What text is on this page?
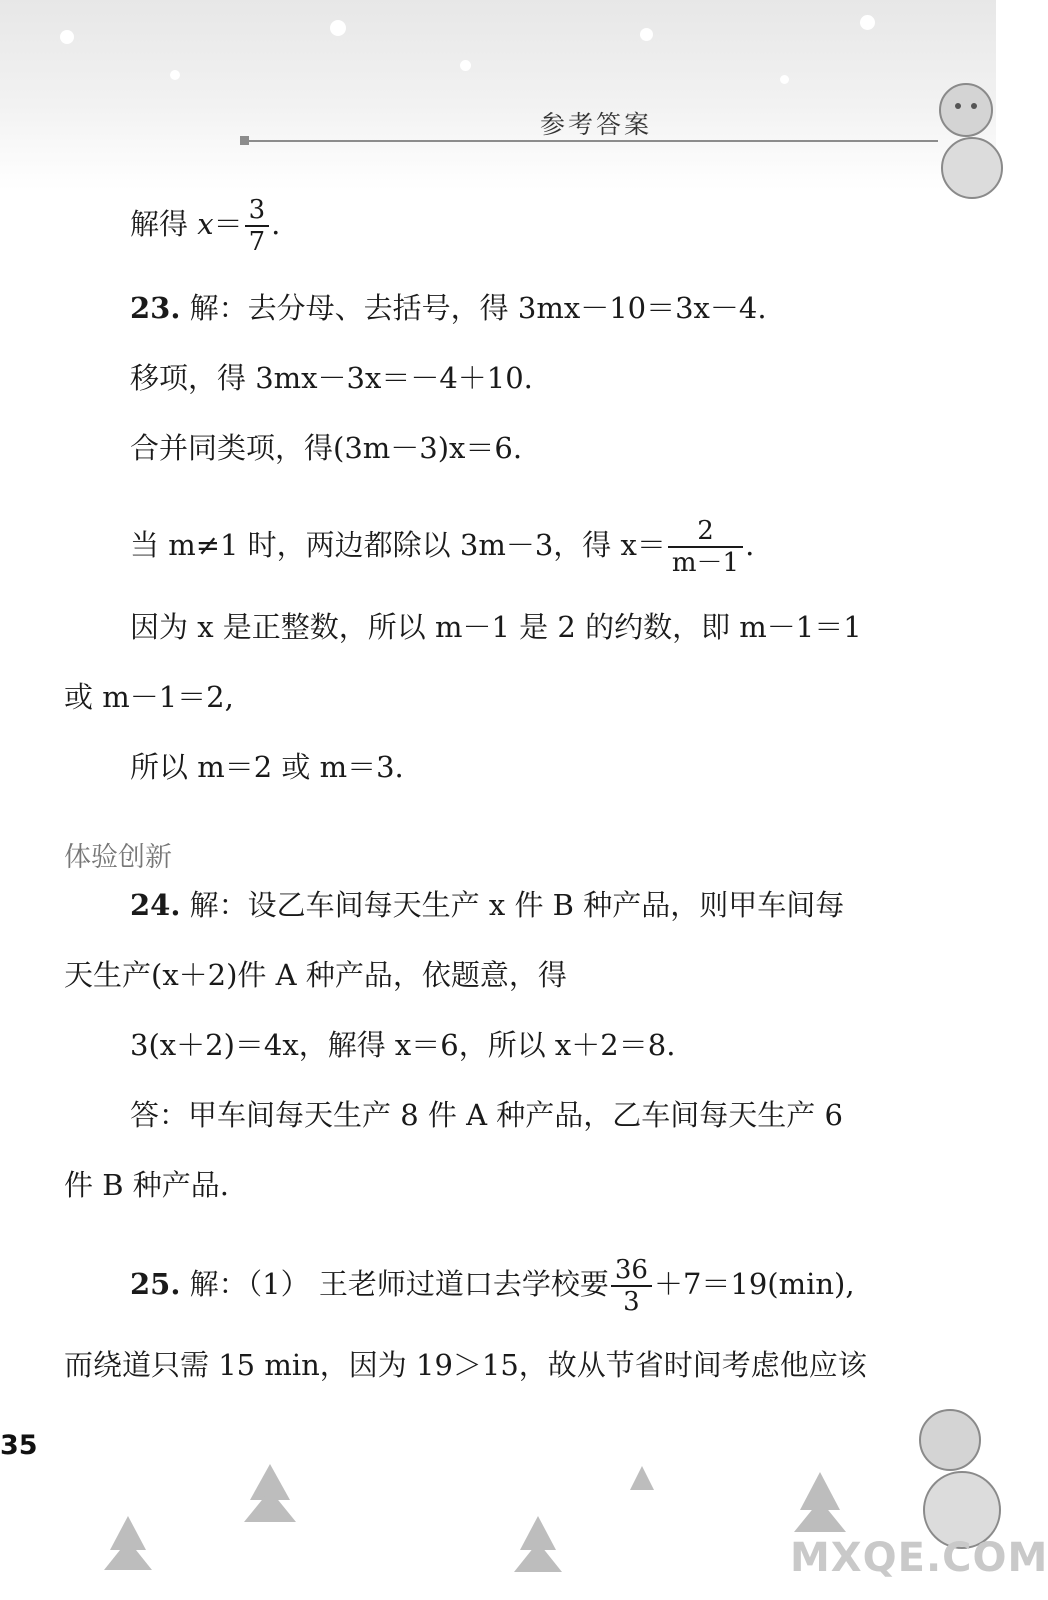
参考答案
解得 $x= \frac{3}{7}$ .
23. 解：去分母、去括号，得 3mx－10＝3x－4.
移项，得 3mx－3x＝－4＋10.
合并同类项，得(3m－3)x＝6.
当 m≠1 时，两边都除以 3m－3，得 $x= \frac{2}{m-1}$ .
因为 x 是正整数，所以 m－1 是 2 的约数，即 m－1＝1
或 m－1＝2,
所以 m＝2 或 m＝3.
体验创新
24. 解：设乙车间每天生产 x 件 B 种产品，则甲车间每
天生产(x＋2)件 A 种产品，依题意，得
3(x＋2)＝4x，解得 x＝6，所以 x＋2＝8.
答：甲车间每天生产 8 件 A 种产品，乙车间每天生产 6
件 B 种产品.
25. 解：（1） 王老师过道口去学校要 $\frac{36}{3} +7=19(\min)$,
而绕道只需 15 min，因为 19＞15，故从节省时间考虑他应该
35
MXQE.COM
